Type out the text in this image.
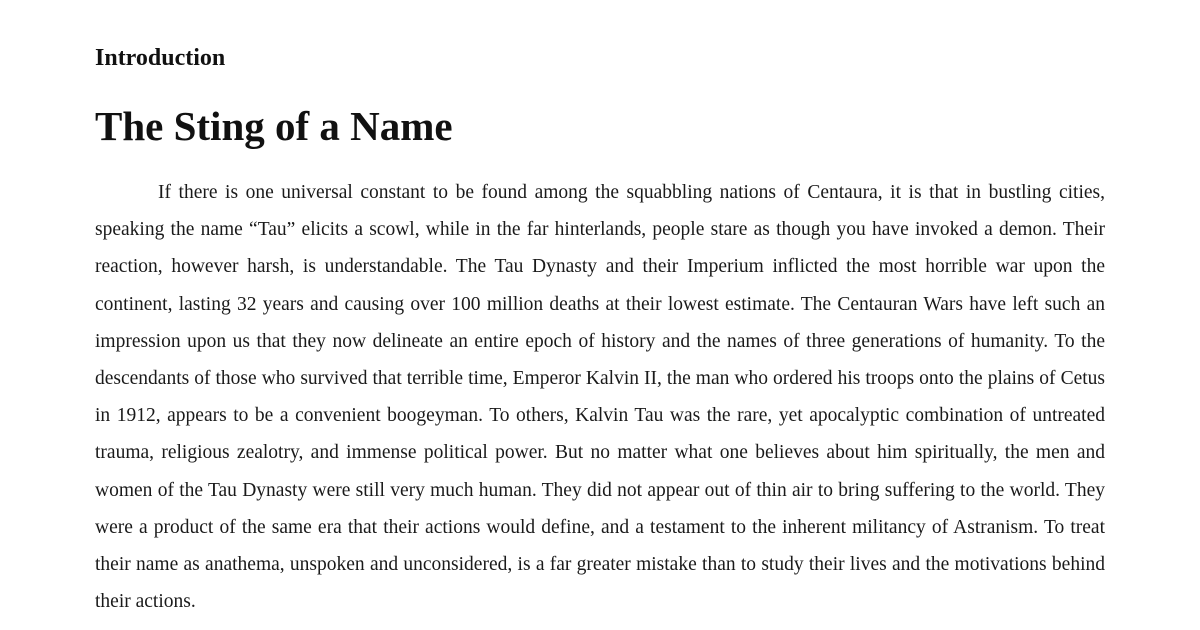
Introduction
The Sting of a Name

If there is one universal constant to be found among the squabbling nations of Centaura, it is that in bustling cities, speaking the name “Tau” elicits a scowl, while in the far hinterlands, people stare as though you have invoked a demon. Their reaction, however harsh, is understandable. The Tau Dynasty and their Imperium inflicted the most horrible war upon the continent, lasting 32 years and causing over 100 million deaths at their lowest estimate. The Centauran Wars have left such an impression upon us that they now delineate an entire epoch of history and the names of three generations of humanity. To the descendants of those who survived that terrible time, Emperor Kalvin II, the man who ordered his troops onto the plains of Cetus in 1912, appears to be a convenient boogeyman. To others, Kalvin Tau was the rare, yet apocalyptic combination of untreated trauma, religious zealotry, and immense political power. But no matter what one believes about him spiritually, the men and women of the Tau Dynasty were still very much human. They did not appear out of thin air to bring suffering to the world. They were a product of the same era that their actions would define, and a testament to the inherent militancy of Astranism. To treat their name as anathema, unspoken and unconsidered, is a far greater mistake than to study their lives and the motivations behind their actions.
